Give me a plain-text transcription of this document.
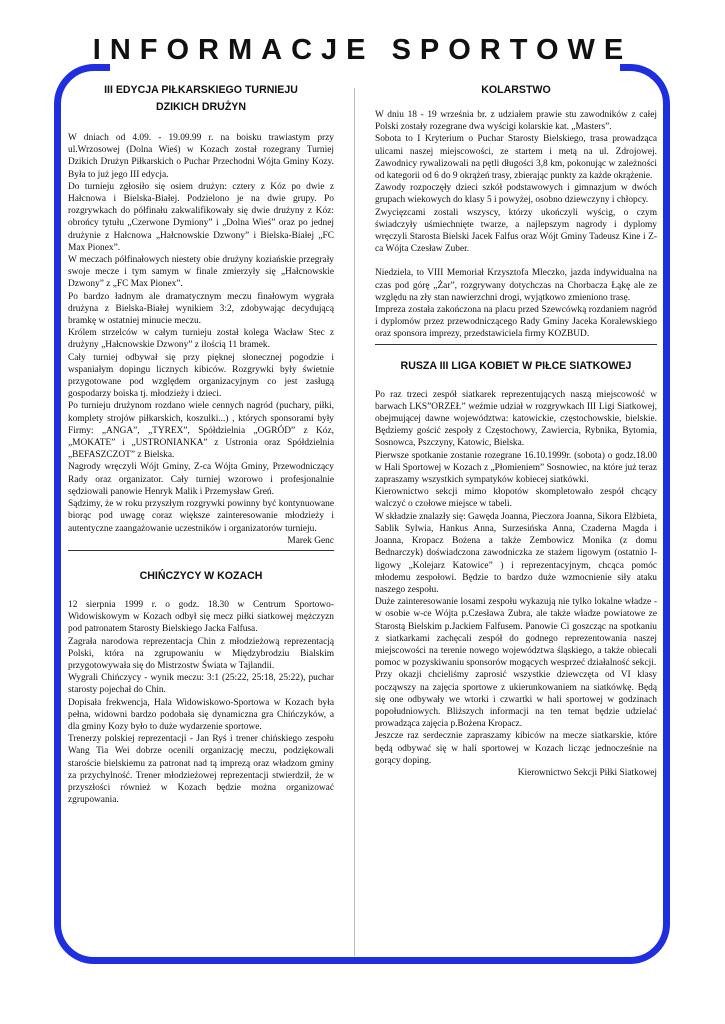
INFORMACJE SPORTOWE
III EDYCJA PIŁKARSKIEGO TURNIEJU
DZIKICH DRUŻYN

W dniach od 4.09. - 19.09.99 r. na boisku trawiastym przy ul.Wrzosowej (Dolna Wieś) w Kozach został rozegrany Turniej Dzikich Drużyn Piłkarskich o Puchar Przechodni Wójta Gminy Kozy. Była to już jego III edycja.

Do turnieju zgłosiło się osiem drużyn: cztery z Kóz po dwie z Hałcnowa i Bielska-Białej. Podzielono je na dwie grupy. Po rozgrywkach do półfinału zakwalifikowały się dwie drużyny z Kóz: obrońcy tytułu „Czerwone Dymiony” i „Dolna Wieś” oraz po jednej drużynie z Hałcnowa „Hałcnowskie Dzwony” i Bielska-Białej „FC Max Pionex”.

W meczach półfinałowych niestety obie drużyny koziańskie przegrały swoje mecze i tym samym w finale zmierzyły się „Hałcnowskie Dzwony” z „FC Max Pionex”.

Po bardzo ładnym ale dramatycznym meczu finałowym wygrała drużyna z Bielska-Białej wynikiem 3:2, zdobywając decydującą bramkę w ostatniej minucie meczu.

Królem strzelców w całym turnieju został kolega Wacław Stec z drużyny „Hałcnowskie Dzwony” z ilością 11 bramek.

Cały turniej odbywał się przy pięknej słonecznej pogodzie i wspaniałym dopingu licznych kibiców. Rozgrywki były świetnie przygotowane pod względem organizacyjnym co jest zasługą gospodarzy boiska tj. młodzieży i dzieci.

Po turnieju drużynom rozdano wiele cennych nagród (puchary, piłki, komplety strojów piłkarskich, koszulki...) , których sponsorami były Firmy: „ANGA”, „TYREX”, Spółdzielnia „OGRÓD” z Kóz, „MOKATE” i „USTRONIANKA” z Ustronia oraz Spółdzielnia „BEFASZCZOT” z Bielska.

Nagrody wręczyli Wójt Gminy, Z-ca Wójta Gminy, Przewodniczący Rady oraz organizator. Cały turniej wzorowo i profesjonalnie sędziowali panowie Henryk Malik i Przemysław Greń.

Sądzimy, że w roku przyszłym rozgrywki powinny być kontynuowane biorąc pod uwagę coraz większe zainteresowanie młodzieży i autentyczne zaangażowanie uczestników i organizatorów turnieju.

Marek Genc
CHIŃCZYCY W KOZACH

12 sierpnia 1999 r. o godz. 18.30 w Centrum Sportowo-Widowiskowym w Kozach odbył się mecz piłki siatkowej mężczyzn pod patronatem Starosty Bielskiego Jacka Falfusa.

Zagrała narodowa reprezentacja Chin z młodzieżową reprezentacją Polski, która na zgrupowaniu w Międzybrodziu Bialskim przygotowywała się do Mistrzostw Świata w Tajlandii.

Wygrali Chińczycy - wynik meczu: 3:1 (25:22, 25:18, 25:22), puchar starosty pojechał do Chin.

Dopisała frekwencja, Hala Widowiskowo-Sportowa w Kozach była pełna, widowni bardzo podobała się dynamiczna gra Chińczyków, a dla gminy Kozy było to duże wydarzenie sportowe.

Trenerzy polskiej reprezentacji - Jan Ryś i trener chińskiego zespołu Wang Tia Wei dobrze ocenili organizację meczu, podziękowali staroście bielskiemu za patronat nad tą imprezą oraz władzom gminy za przychylność. Trener młodzieżowej reprezentacji stwierdził, że w przyszłości również w Kozach będzie można organizować zgrupowania.

KOLARSTWO

W dniu 18 - 19 września br. z udziałem prawie stu zawodników z całej Polski zostały rozegrane dwa wyścigi kolarskie kat. „Masters”.

Sobota to I Kryterium o Puchar Starosty Bielskiego, trasa prowadząca ulicami naszej miejscowości, ze startem i metą na ul. Zdrojowej. Zawodnicy rywalizowali na pętli długości 3,8 km, pokonując w zależności od kategorii od 6 do 9 okrążeń trasy, zbierając punkty za każde okrążenie.

Zawody rozpoczęły dzieci szkół podstawowych i gimnazjum w dwóch grupach wiekowych do klasy 5 i powyżej, osobno dziewczyny i chłopcy.

Zwycięzcami zostali wszyscy, którzy ukończyli wyścig, o czym świadczyły uśmiechnięte twarze, a najlepszym nagrody i dyplomy wręczyli Starosta Bielski Jacek Falfus oraz Wójt Gminy Tadeusz Kine i Z-ca Wójta Czesław Zuber.

Niedziela, to VIII Memoriał Krzysztofa Mleczko, jazda indywidualna na czas pod górę „Żar”, rozgrywany dotychczas na Chorbacza Łąkę ale ze względu na zły stan nawierzchni drogi, wyjątkowo zmieniono trasę.

Impreza została zakończona na placu przed Szewcówką rozdaniem nagród i dyplomów przez przewodniczącego Rady Gminy Jaceka Koralewskiego oraz sponsora imprezy, przedstawiciela firmy KOZBUD.

RUSZA III LIGA KOBIET W PIŁCE SIATKOWEJ

Po raz trzeci zespół siatkarek reprezentujących naszą miejscowość w barwach LKS”ORZEŁ” weźmie udział w rozgrywkach III Ligi Siatkowej, obejmującej dawne województwa: katowickie, częstochowskie, bielskie. Będziemy gościć zespoły z Częstochowy, Zawiercia, Rybnika, Bytomia, Sosnowca, Pszczyny, Katowic, Bielska.

Pierwsze spotkanie zostanie rozegrane 16.10.1999r. (sobota) o godz.18.00 w Hali Sportowej w Kozach z „Płomieniem” Sosnowiec, na które już teraz zapraszamy wszystkich sympatyków kobiecej siatkówki.

Kierownictwo sekcji mimo kłopotów skompletowało zespół chcący walczyć o czołowe miejsce w tabeli.

W składzie znalazły się: Gawęda Joanna, Pieczora Joanna, Sikora Elżbieta, Sablik Sylwia, Hankus Anna, Surzesińska Anna, Czaderna Magda i Joanna, Kropacz Bożena a także Zembowicz Monika (z domu Bednarczyk) doświadczona zawodniczka ze stażem ligowym (ostatnio I-ligowy „Kolejarz Katowice” ) i reprezentacyjnym, chcąca pomóc młodemu zespołowi. Będzie to bardzo duże wzmocnienie siły ataku naszego zespołu.

Duże zainteresowanie losami zespołu wykazują nie tylko lokalne władze - w osobie w-ce Wójta p.Czesława Zubra, ale także władze powiatowe ze Starostą Bielskim p.Jackiem Falfusem. Panowie Ci goszcząc na spotkaniu z siatkarkami zachęcali zespół do godnego reprezentowania naszej miejscowości na terenie nowego województwa śląskiego, a także obiecali pomoc w pozyskiwaniu sponsorów mogących wesprzeć działalność sekcji.

Przy okazji chcieliśmy zaprosić wszystkie dziewczęta od VI klasy począwszy na zajęcia sportowe z ukierunkowaniem na siatkówkę. Będą się one odbywały we wtorki i czwartki w hali sportowej w godzinach popołudniowych. Bliższych informacji na ten temat będzie udzielać prowadząca zajęcia p.Bożena Kropacz.

Jeszcze raz serdecznie zapraszamy kibiców na mecze siatkarskie, które będą odbywać się w hali sportowej w Kozach licząc jednocześnie na gorący doping.

Kierownictwo Sekcji Piłki Siatkowej
